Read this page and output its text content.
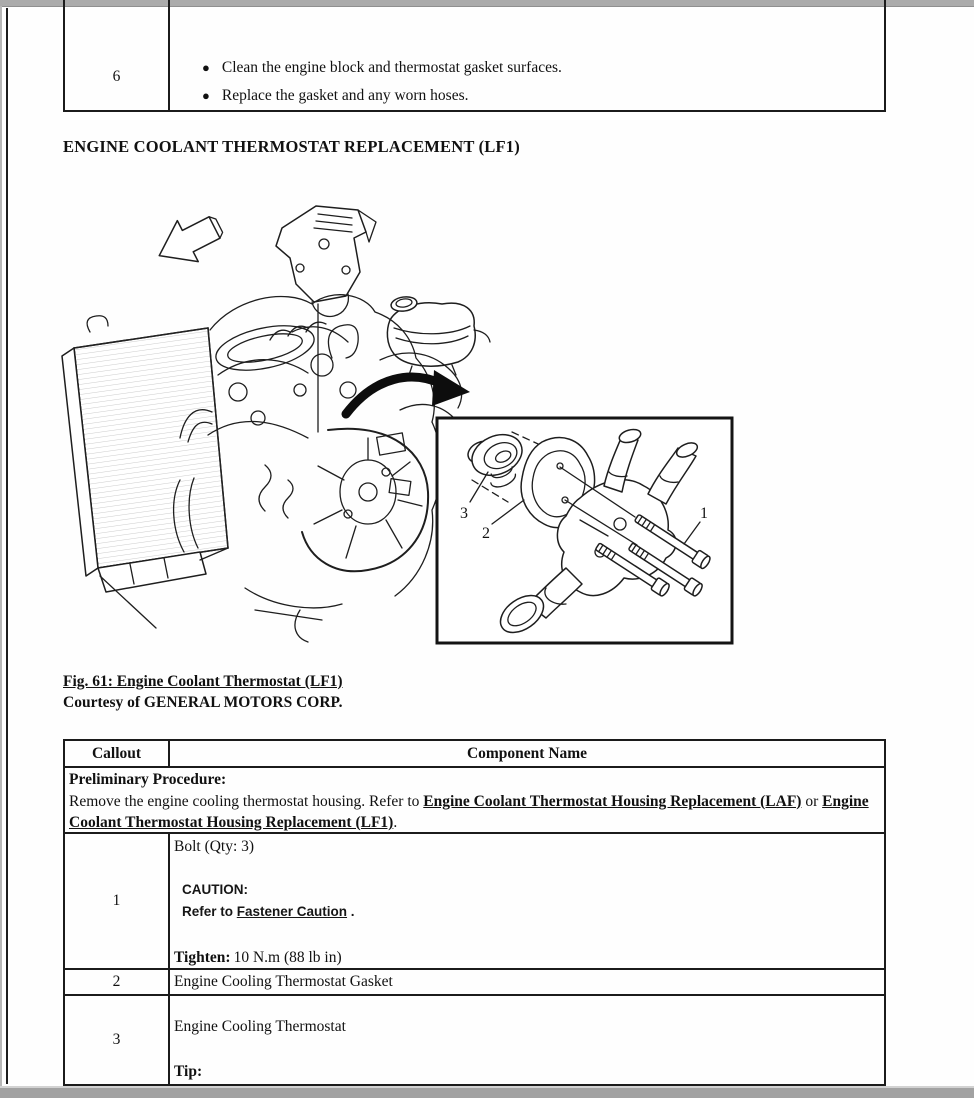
6
● Clean the engine block and thermostat gasket surfaces.
● Replace the gasket and any worn hoses.
ENGINE COOLANT THERMOSTAT REPLACEMENT (LF1)
3
2
1
Fig. 61: Engine Coolant Thermostat (LF1)
Courtesy of GENERAL MOTORS CORP.
Callout	Component Name
Preliminary Procedure:
Remove the engine cooling thermostat housing. Refer to Engine Coolant Thermostat Housing Replacement (LAF) or Engine Coolant Thermostat Housing Replacement (LF1).
1
Bolt (Qty: 3)
CAUTION:
Refer to Fastener Caution .
Tighten: 10 N.m (88 lb in)
2	Engine Cooling Thermostat Gasket
3
Engine Cooling Thermostat
Tip:
